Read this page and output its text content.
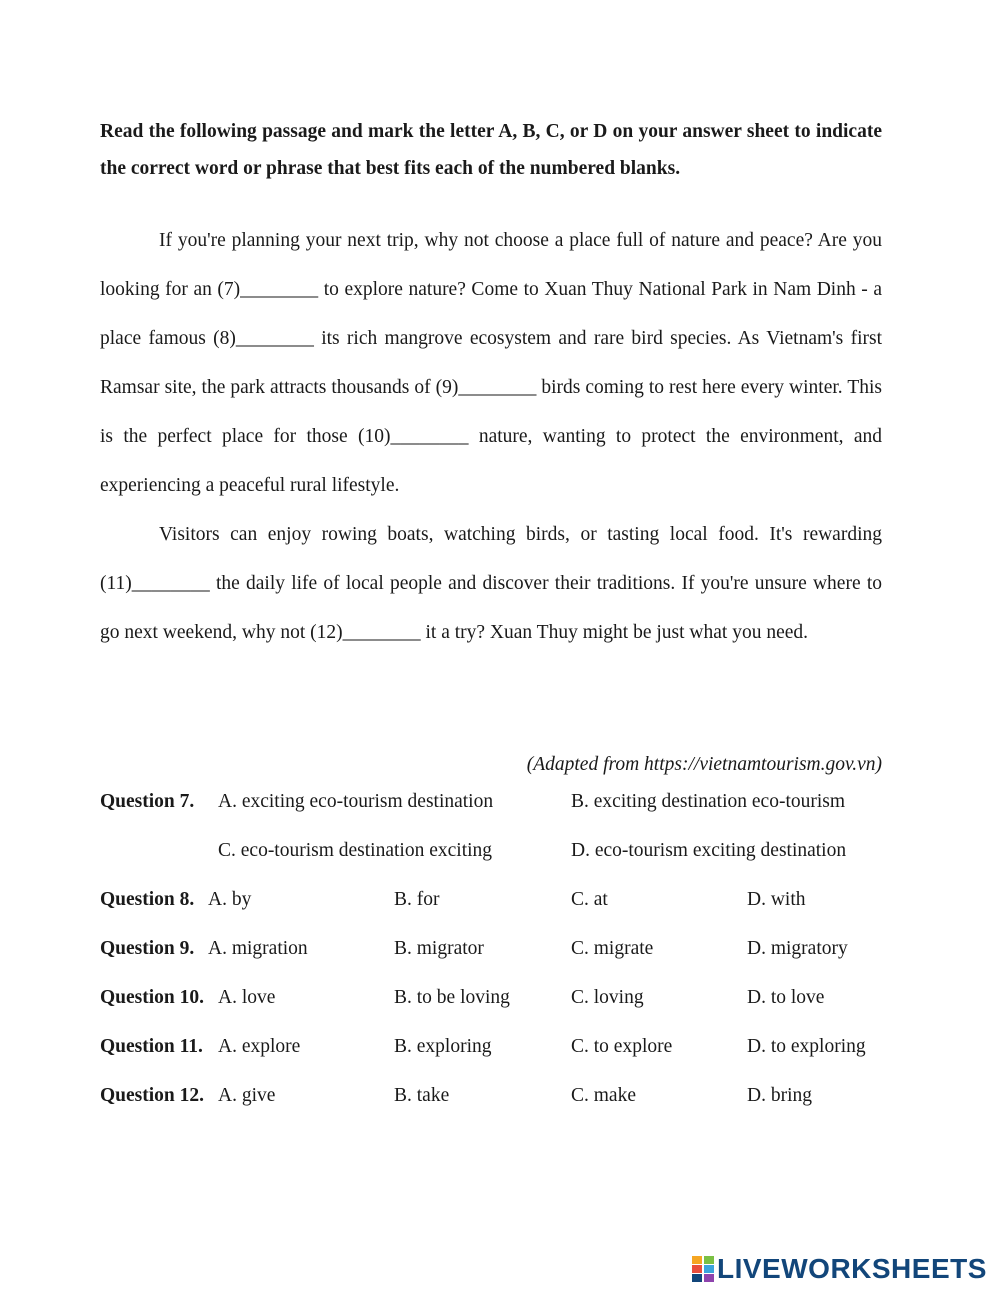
Read the following passage and mark the letter A, B, C, or D on your answer sheet to indicate the correct word or phrase that best fits each of the numbered blanks.

If you're planning your next trip, why not choose a place full of nature and peace? Are you looking for an (7)________ to explore nature? Come to Xuan Thuy National Park in Nam Dinh - a place famous (8)________ its rich mangrove ecosystem and rare bird species. As Vietnam's first Ramsar site, the park attracts thousands of (9)________ birds coming to rest here every winter. This is the perfect place for those (10)________ nature, wanting to protect the environment, and experiencing a peaceful rural lifestyle.

Visitors can enjoy rowing boats, watching birds, or tasting local food. It's rewarding (11)________ the daily life of local people and discover their traditions. If you're unsure where to go next weekend, why not (12)________ it a try? Xuan Thuy might be just what you need.

(Adapted from https://vietnamtourism.gov.vn)
Question 7. A. exciting eco-tourism destination	B. exciting destination eco-tourism
C. eco-tourism destination exciting	D. eco-tourism exciting destination
Question 8. A. by	B. for	C. at	D. with
Question 9. A. migration	B. migrator	C. migrate	D. migratory
Question 10. A. love	B. to be loving	C. loving	D. to love
Question 11. A. explore	B. exploring	C. to explore	D. to exploring
Question 12. A. give	B. take	C. make	D. bring
LIVEWORKSHEETS
